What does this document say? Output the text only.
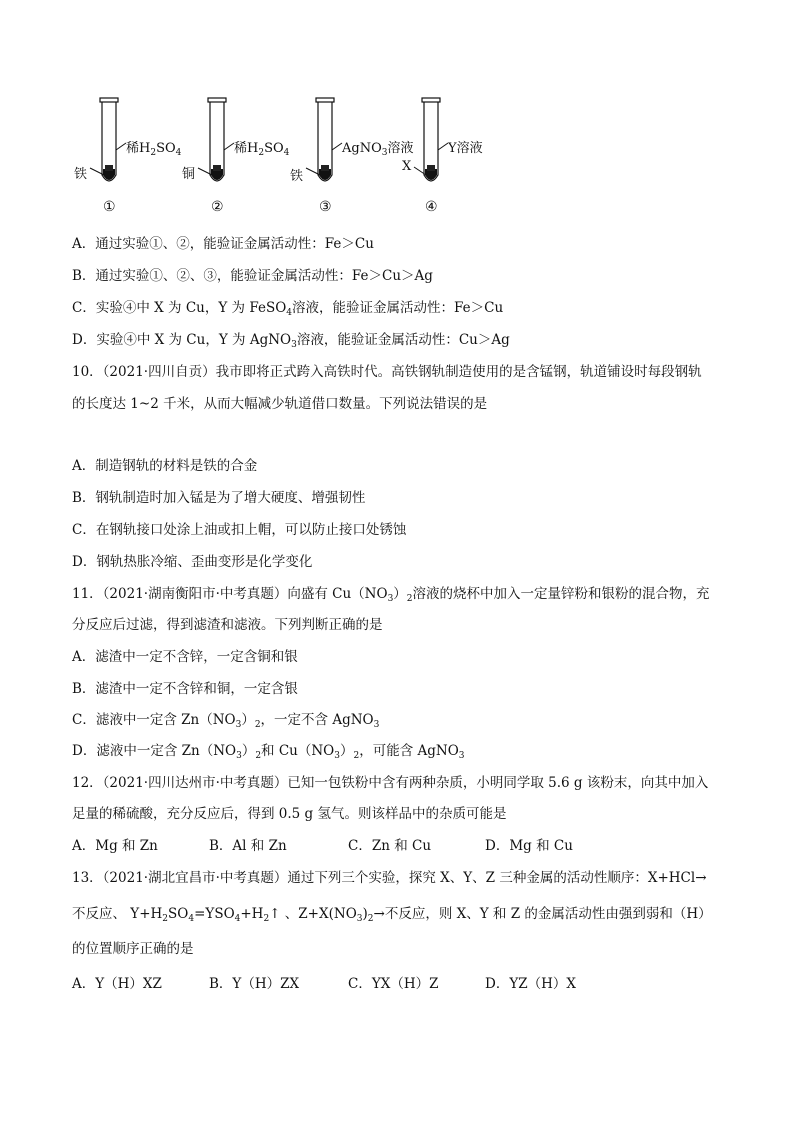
铁
稀$H_2SO_4$
①
铜
稀$H_2SO_4$
②
铁
AgNO$_3$溶液
③
X
Y溶液
④
A．通过实验①、②，能验证金属活动性：Fe＞Cu
B．通过实验①、②、③，能验证金属活动性：Fe＞Cu＞Ag
C．实验④中 X 为 Cu，Y 为 FeSO$_4$溶液，能验证金属活动性：Fe＞Cu
D．实验④中 X 为 Cu，Y 为 AgNO$_3$溶液，能验证金属活动性：Cu＞Ag
10．（2021·四川自贡）我市即将正式跨入高铁时代。高铁钢轨制造使用的是含锰钢，轨道铺设时每段钢轨
的长度达 1~2 千米，从而大幅减少轨道借口数量。下列说法错误的是
A．制造钢轨的材料是铁的合金
B．钢轨制造时加入锰是为了增大硬度、增强韧性
C．在钢轨接口处涂上油或扣上帽，可以防止接口处锈蚀
D．钢轨热胀冷缩、歪曲变形是化学变化
11．（2021·湖南衡阳市·中考真题）向盛有 $Cu(NO_3)_2$溶液的烧杯中加入一定量锌粉和银粉的混合物，充
分反应后过滤，得到滤渣和滤液。下列判断正确的是
A．滤渣中一定不含锌，一定含铜和银
B．滤渣中一定不含锌和铜，一定含银
C．滤液中一定含 $Zn(NO_3)_2$，一定不含 AgNO$_3$
D．滤液中一定含 $Zn(NO_3)_2$和 $Cu(NO_3)_2$，可能含 AgNO$_3$
12．（2021·四川达州市·中考真题）已知一包铁粉中含有两种杂质，小明同学取 5.6 g 该粉末，向其中加入
足量的稀硫酸，充分反应后，得到 0.5 g 氢气。则该样品中的杂质可能是
A．Mg 和 Zn	B．Al 和 Zn	C．Zn 和 Cu	D．Mg 和 Cu
13．（2021·湖北宜昌市·中考真题）通过下列三个实验，探究 X、Y、Z 三种金属的活动性顺序：X+HCl→
不反应、 $Y+H_2SO_4=YSO_4+H_2↑$ 、$Z+X(NO_3)_2\to$不反应，则 X、Y 和 Z 的金属活动性由强到弱和（H）
的位置顺序正确的是
A．Y（H）XZ	B．Y（H）ZX	C．YX（H）Z	D．YZ（H）X
